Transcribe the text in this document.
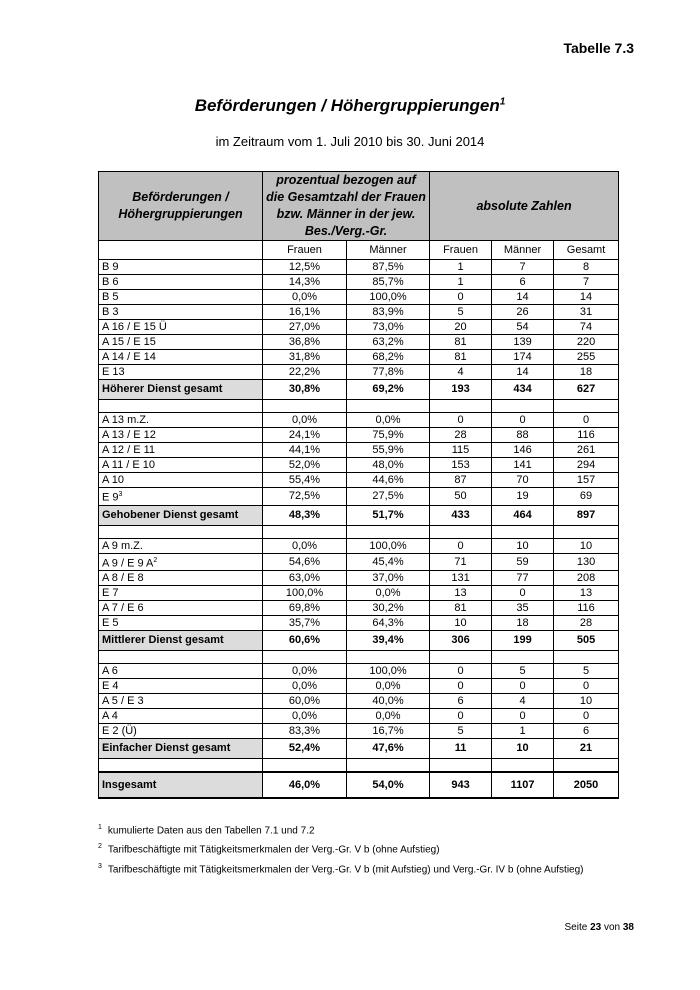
Tabelle 7.3
Beförderungen / Höhergruppierungen$^1$
im Zeitraum vom 1. Juli 2010 bis 30. Juni 2014
Beförderungen / Höhergruppierungen	prozentual bezogen auf die Gesamtzahl der Frauen bzw. Männer in der jew. Bes./Verg.-Gr.		absolute Zahlen		
	Frauen	Männer	Frauen	Männer	Gesamt
B 9	12,5%	87,5%	1	7	8
B 6	14,3%	85,7%	1	6	7
B 5	0,0%	100,0%	0	14	14
B 3	16,1%	83,9%	5	26	31
A 16 / E 15 Ü	27,0%	73,0%	20	54	74
A 15 / E 15	36,8%	63,2%	81	139	220
A 14 / E 14	31,8%	68,2%	81	174	255
E 13	22,2%	77,8%	4	14	18
Höherer Dienst gesamt	30,8%	69,2%	193	434	627

A 13 m.Z.	0,0%	0,0%	0	0	0
A 13 / E 12	24,1%	75,9%	28	88	116
A 12 / E 11	44,1%	55,9%	115	146	261
A 11 / E 10	52,0%	48,0%	153	141	294
A 10	55,4%	44,6%	87	70	157
E $9^3$	72,5%	27,5%	50	19	69
Gehobener Dienst gesamt	48,3%	51,7%	433	464	897

A 9 m.Z.	0,0%	100,0%	0	10	10
A 9 / E 9 $A^2$	54,6%	45,4%	71	59	130
A 8 / E 8	63,0%	37,0%	131	77	208
E 7	100,0%	0,0%	13	0	13
A 7 / E 6	69,8%	30,2%	81	35	116
E 5	35,7%	64,3%	10	18	28
Mittlerer Dienst gesamt	60,6%	39,4%	306	199	505

A 6	0,0%	100,0%	0	5	5
E 4	0,0%	0,0%	0	0	0
A 5 / E 3	60,0%	40,0%	6	4	10
A 4	0,0%	0,0%	0	0	0
E 2 (Ü)	83,3%	16,7%	5	1	6
Einfacher Dienst gesamt	52,4%	47,6%	11	10	21

Insgesamt	46,0%	54,0%	943	1107	2050
$^1$ kumulierte Daten aus den Tabellen 7.1 und 7.2
$^2$ Tarifbeschäftigte mit Tätigkeitsmerkmalen der Verg.-Gr. V b (ohne Aufstieg)
$^3$ Tarifbeschäftigte mit Tätigkeitsmerkmalen der Verg.-Gr. V b (mit Aufstieg) und Verg.-Gr. IV b (ohne Aufstieg)
Seite 23 von 38
